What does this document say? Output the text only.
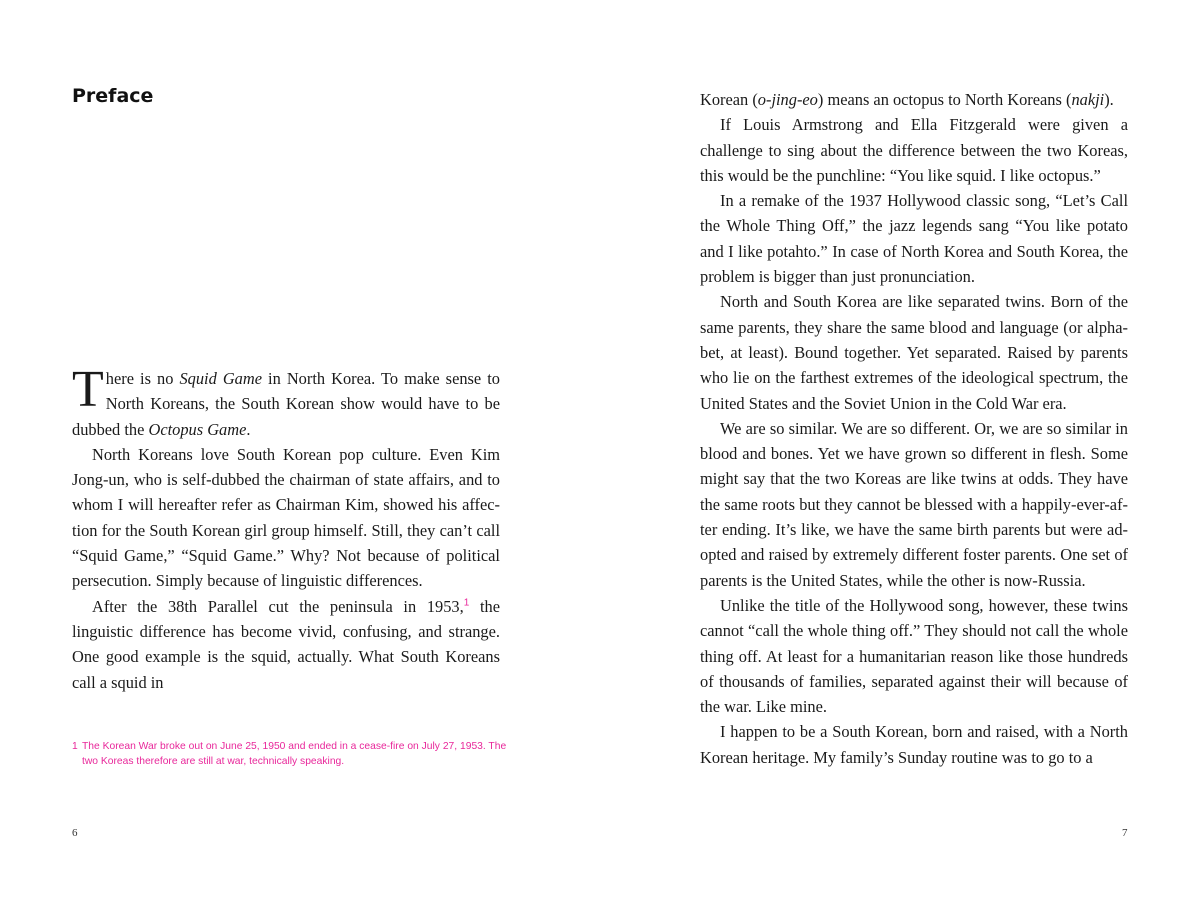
Preface

There is no Squid Game in North Korea. To make sense to North Koreans, the South Korean show would have to be dubbed the Octopus Game.

North Koreans love South Korean pop culture. Even Kim Jong-un, who is self-dubbed the chairman of state affairs, and to whom I will hereafter refer as Chairman Kim, showed his affection for the South Korean girl group himself. Still, they can’t call “Squid Game,” “Squid Game.” Why? Not because of political persecution. Simply because of linguistic differences.

After the 38th Parallel cut the peninsula in 1953,$^1$ the linguistic difference has become vivid, confusing, and strange. One good example is the squid, actually. What South Koreans call a squid in

1 The Korean War broke out on June 25, 1950 and ended in a cease-fire on July 27, 1953. The
two Koreas therefore are still at war, technically speaking.
6

Korean (o-jing-eo) means an octopus to North Koreans (nakji).

If Louis Armstrong and Ella Fitzgerald were given a challenge to sing about the difference between the two Koreas, this would be the punchline: “You like squid. I like octopus.”

In a remake of the 1937 Hollywood classic song, “Let’s Call the Whole Thing Off,” the jazz legends sang “You like potato and I like potahto.” In case of North Korea and South Korea, the problem is bigger than just pronunciation.

North and South Korea are like separated twins. Born of the same parents, they share the same blood and language (or alphabet, at least). Bound together. Yet separated. Raised by parents who lie on the farthest extremes of the ideological spectrum, the United States and the Soviet Union in the Cold War era.

We are so similar. We are so different. Or, we are so similar in blood and bones. Yet we have grown so different in flesh. Some might say that the two Koreas are like twins at odds. They have the same roots but they cannot be blessed with a happily-ever-after ending. It’s like, we have the same birth parents but were adopted and raised by extremely different foster parents. One set of parents is the United States, while the other is now-Russia.

Unlike the title of the Hollywood song, however, these twins cannot “call the whole thing off.” They should not call the whole thing off. At least for a humanitarian reason like those hundreds of thousands of families, separated against their will because of the war. Like mine.

I happen to be a South Korean, born and raised, with a North Korean heritage. My family’s Sunday routine was to go to a

7
